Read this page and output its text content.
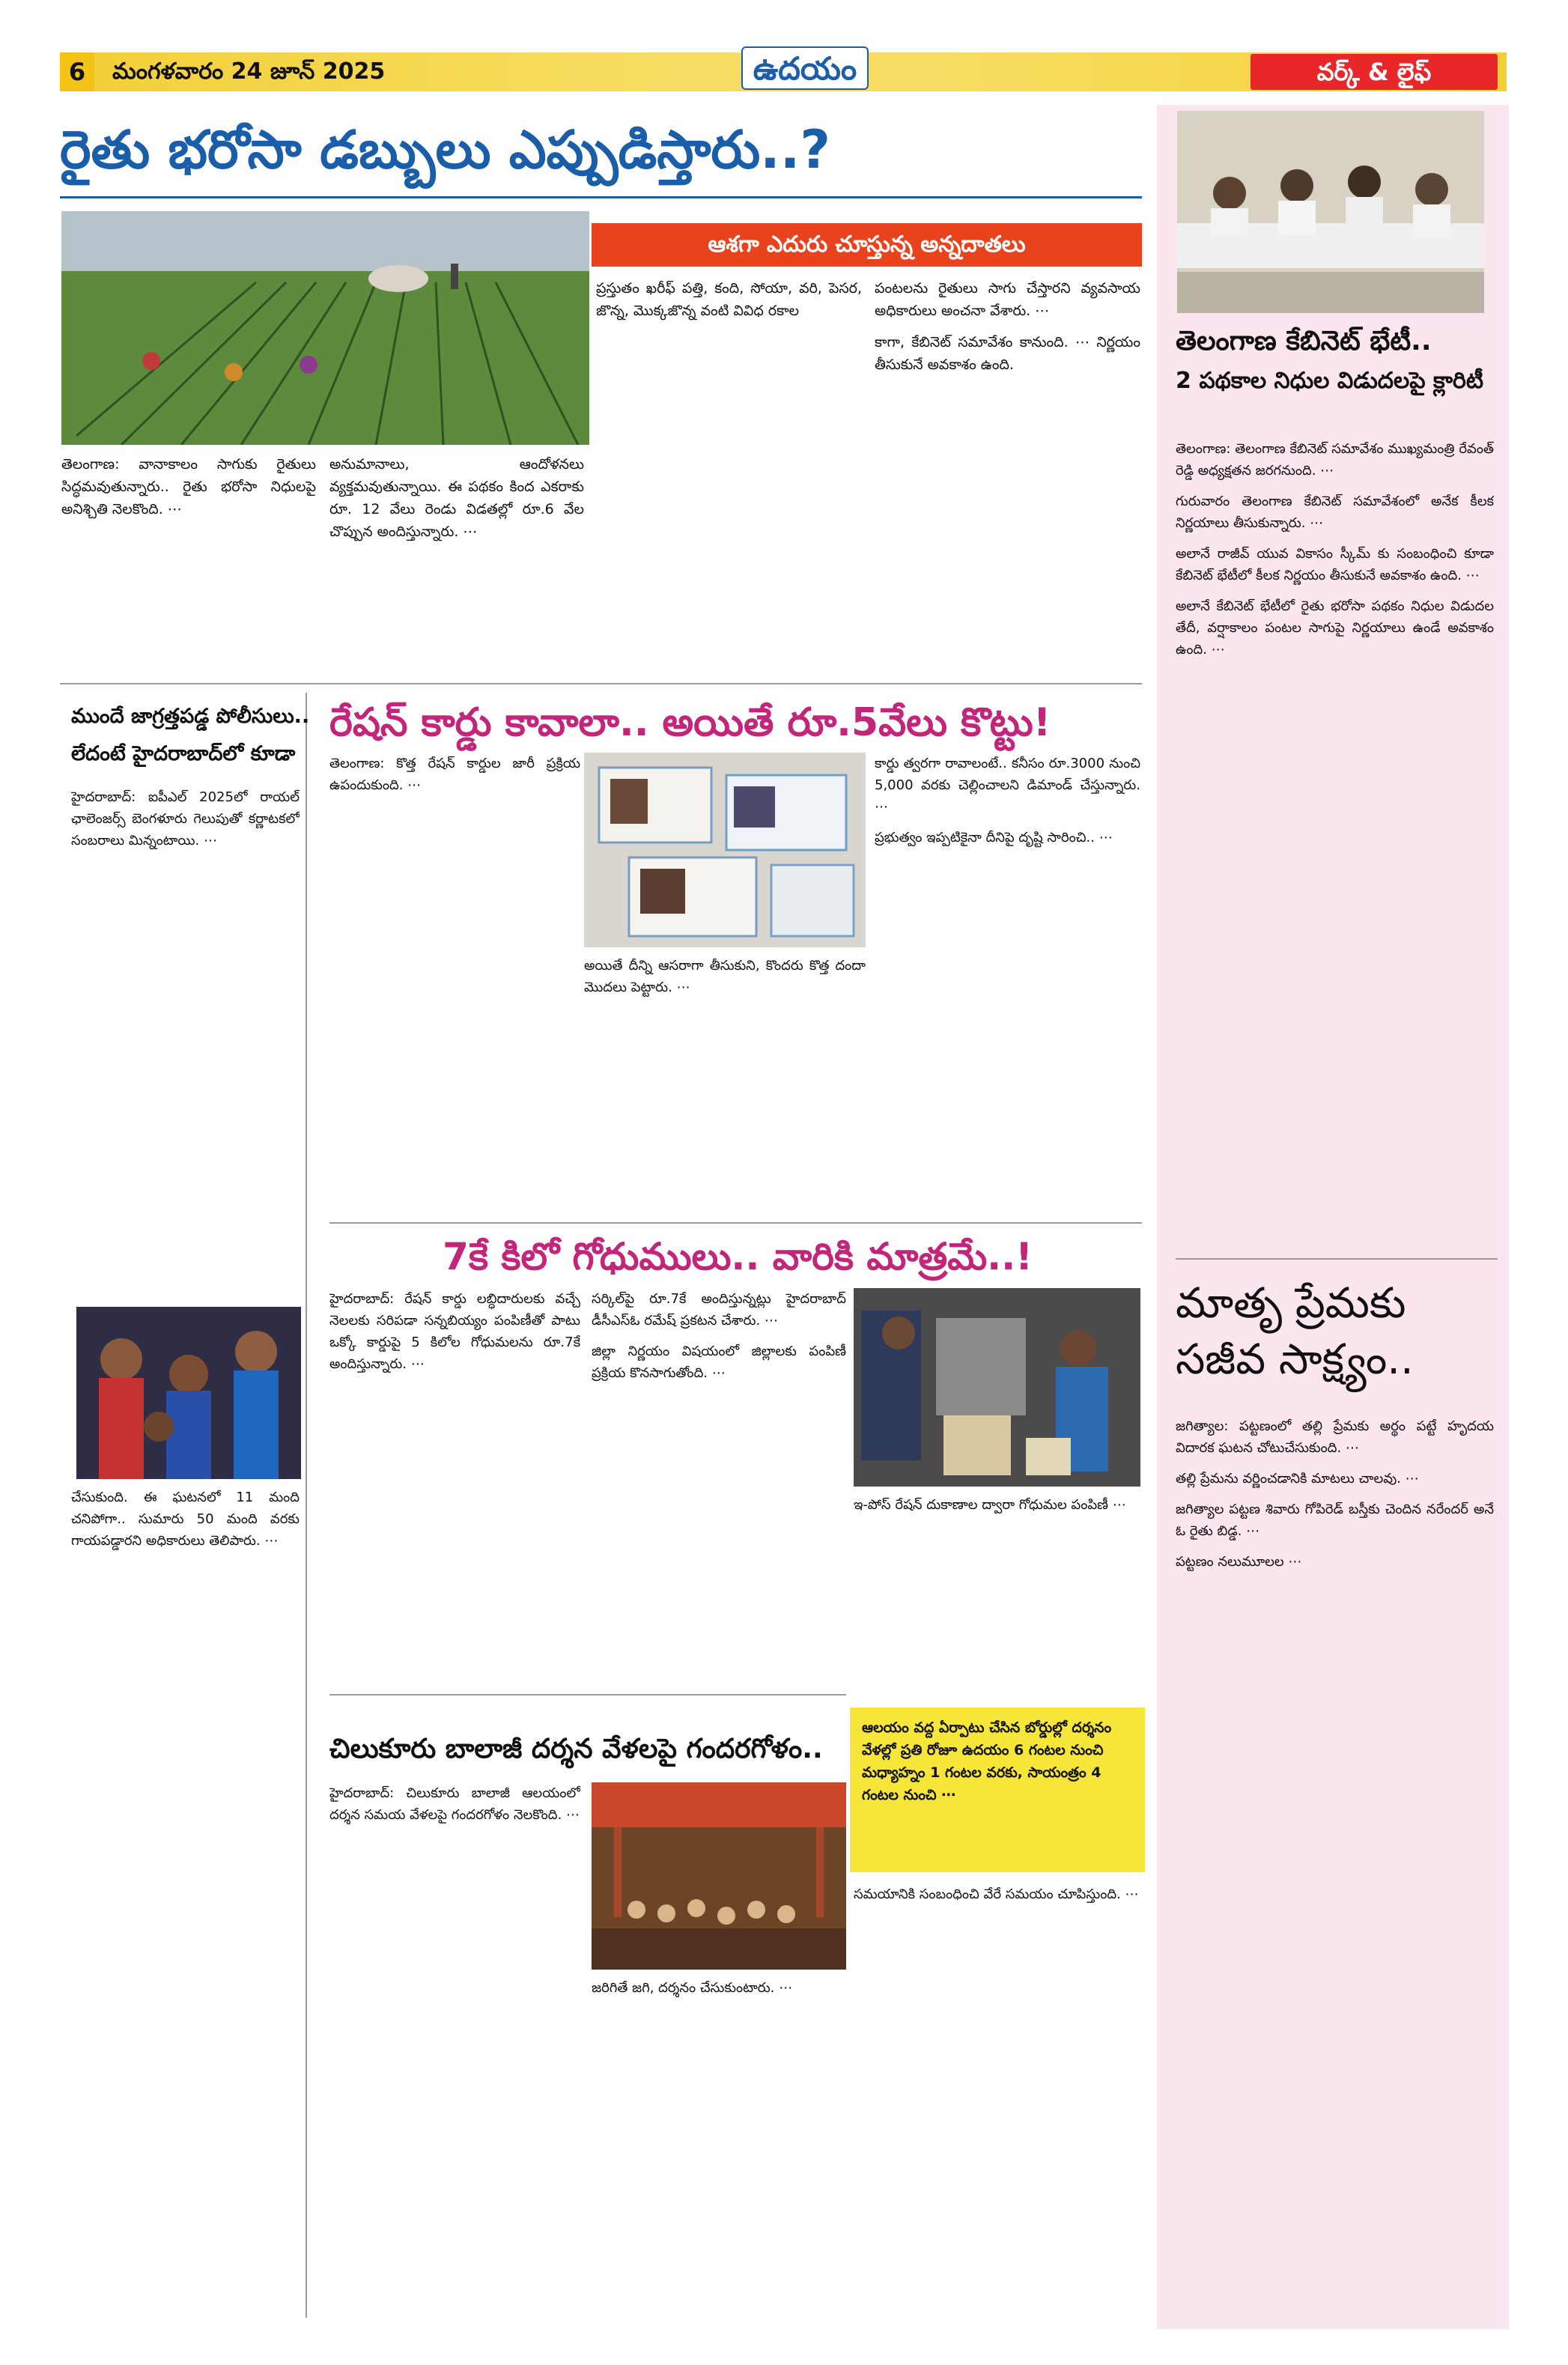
6	మంగళవారం 24 జూన్ 2025	ఉదయం	వర్క్ & లైఫ్
రైతు భరోసా డబ్బులు ఎప్పుడిస్తారు..?
ఆశగా ఎదురు చూస్తున్న అన్నదాతలు

తెలంగాణ: వానాకాలం సాగుకు రైతులు సిద్ధమవుతున్నారు.. రైతు భరోసా నిధులపై అనిశ్చితి నెలకొంది. ⋯

అనుమానాలు, ఆందోళనలు వ్యక్తమవుతున్నాయి. ఈ పథకం కింద ఎకరాకు రూ. 12 వేలు రెండు విడతల్లో రూ.6 వేల చొప్పున అందిస్తున్నారు. ⋯

ప్రస్తుతం ఖరీఫ్ పత్తి, కంది, సోయా, వరి, పెసర, జొన్న, మొక్కజొన్న వంటి వివిధ రకాల

పంటలను రైతులు సాగు చేస్తారని వ్యవసాయ అధికారులు అంచనా వేశారు. ⋯

కాగా, కేబినెట్ సమావేశం కానుంది. ⋯ నిర్ణయం తీసుకునే అవకాశం ఉంది.

తెలంగాణ కేబినెట్ భేటీ..
2 పథకాల నిధుల విడుదలపై క్లారిటీ

తెలంగాణ: తెలంగాణ కేబినెట్ సమావేశం ముఖ్యమంత్రి రేవంత్ రెడ్డి అధ్యక్షతన జరగనుంది. ⋯

గురువారం తెలంగాణ కేబినెట్ సమావేశంలో అనేక కీలక నిర్ణయాలు తీసుకున్నారు. ⋯

అలానే రాజీవ్ యువ వికాసం స్కీమ్ కు సంబంధించి కూడా కేబినెట్ భేటీలో కీలక నిర్ణయం తీసుకునే అవకాశం ఉంది. ⋯

అలానే కేబినెట్ భేటీలో రైతు భరోసా పథకం నిధుల విడుదల తేదీ, వర్షాకాలం పంటల సాగుపై నిర్ణయాలు ఉండే అవకాశం ఉంది. ⋯

మాతృ ప్రేమకు
సజీవ సాక్ష్యం..

జగిత్యాల: పట్టణంలో తల్లి ప్రేమకు అర్థం పట్టే హృదయ విదారక ఘటన చోటుచేసుకుంది. ⋯

తల్లి ప్రేమను వర్ణించడానికి మాటలు చాలవు. ⋯

జగిత్యాల పట్టణ శివారు గోపిరెడ్ బస్తీకు చెందిన నరేందర్ అనే ఓ రైతు బిడ్డ. ⋯

పట్టణం నలుమూలల ⋯

ముందే జాగ్రత్తపడ్డ పోలీసులు..
లేదంటే హైదరాబాద్‌లో కూడా

హైదరాబాద్: ఐపీఎల్ 2025లో రాయల్ ఛాలెంజర్స్ బెంగళూరు గెలుపుతో కర్ణాటకలో సంబరాలు మిన్నంటాయి. ⋯

చేసుకుంది. ఈ ఘటనలో 11 మంది చనిపోగా.. సుమారు 50 మంది వరకు గాయపడ్డారని అధికారులు తెలిపారు. ⋯

రేషన్ కార్డు కావాలా.. అయితే రూ.5వేలు కొట్టు!

తెలంగాణ: కొత్త రేషన్ కార్డుల జారీ ప్రక్రియ ఉపందుకుంది. ⋯

అయితే దీన్ని ఆసరాగా తీసుకుని, కొందరు కొత్త దందా మొదలు పెట్టారు. ⋯

కార్డు త్వరగా రావాలంటే.. కనీసం రూ.3000 నుంచి 5,000 వరకు చెల్లించాలని డిమాండ్ చేస్తున్నారు. ⋯

ప్రభుత్వం ఇప్పటికైనా దీనిపై దృష్టి సారించి.. ⋯

7కే కిలో గోధుములు.. వారికి మాత్రమే..!

హైదరాబాద్: రేషన్ కార్డు లబ్ధిదారులకు వచ్చే నెలలకు సరిపడా సన్నబియ్యం పంపిణీతో పాటు ఒక్కో కార్డుపై 5 కిలోల గోధుమలను రూ.7కే అందిస్తున్నారు. ⋯

సర్కిల్‌పై రూ.7కే అందిస్తున్నట్లు హైదరాబాద్ డీసీఎస్ఓ రమేష్ ప్రకటన చేశారు. ⋯

జిల్లా నిర్ణయం విషయంలో జిల్లాలకు పంపిణీ ప్రక్రియ కొనసాగుతోంది. ⋯

ఇ-పోస్ రేషన్ దుకాణాల ద్వారా గోధుమల పంపిణీ ⋯

చిలుకూరు బాలాజీ దర్శన వేళలపై గందరగోళం..

ఆలయం వద్ద ఏర్పాటు చేసిన బోర్డుల్లో దర్శనం వేళల్లో ప్రతి రోజూ ఉదయం 6 గంటల నుంచి మధ్యాహ్నం 1 గంటల వరకు, సాయంత్రం 4 గంటల నుంచి ⋯

హైదరాబాద్: చిలుకూరు బాలాజీ ఆలయంలో దర్శన సమయ వేళలపై గందరగోళం నెలకొంది. ⋯

జరిగితే జగి, దర్శనం చేసుకుంటారు. ⋯

సమయానికి సంబంధించి వేరే సమయం చూపిస్తుంది. ⋯
